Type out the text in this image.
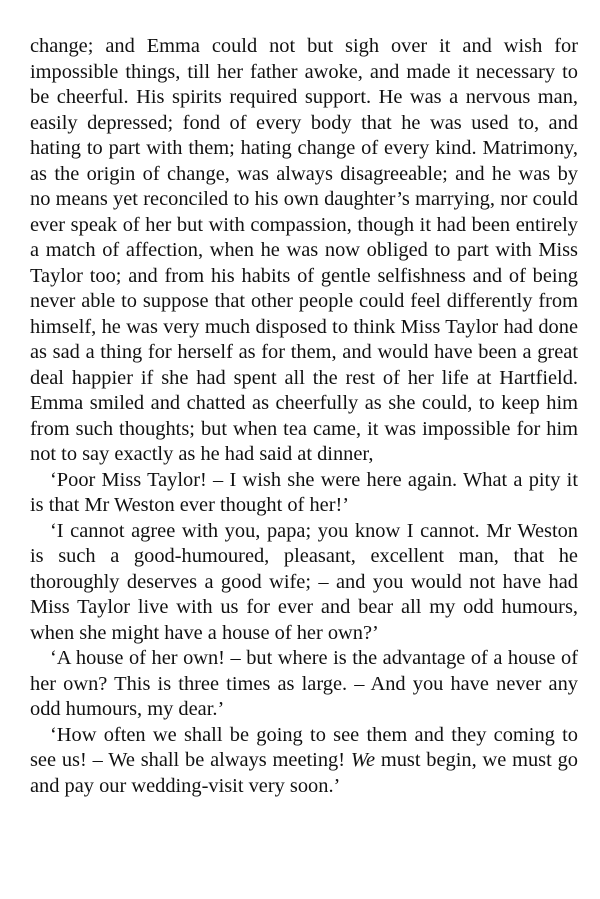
change; and Emma could not but sigh over it and wish for impossible things, till her father awoke, and made it necessary to be cheerful. His spirits required support. He was a nervous man, easily depressed; fond of every body that he was used to, and hating to part with them; hating change of every kind. Matrimony, as the origin of change, was always disagreeable; and he was by no means yet reconciled to his own daughter’s marrying, nor could ever speak of her but with compassion, though it had been entirely a match of affection, when he was now obliged to part with Miss Taylor too; and from his habits of gentle selfishness and of being never able to suppose that other people could feel differently from himself, he was very much disposed to think Miss Taylor had done as sad a thing for herself as for them, and would have been a great deal happier if she had spent all the rest of her life at Hartfield. Emma smiled and chatted as cheerfully as she could, to keep him from such thoughts; but when tea came, it was impossible for him not to say exactly as he had said at dinner,

‘Poor Miss Taylor! – I wish she were here again. What a pity it is that Mr Weston ever thought of her!’

‘I cannot agree with you, papa; you know I cannot. Mr Weston is such a good-humoured, pleasant, excellent man, that he thoroughly deserves a good wife; – and you would not have had Miss Taylor live with us for ever and bear all my odd humours, when she might have a house of her own?’

‘A house of her own! – but where is the advantage of a house of her own? This is three times as large. – And you have never any odd humours, my dear.’

‘How often we shall be going to see them and they coming to see us! – We shall be always meeting! We must begin, we must go and pay our wedding-visit very soon.’
